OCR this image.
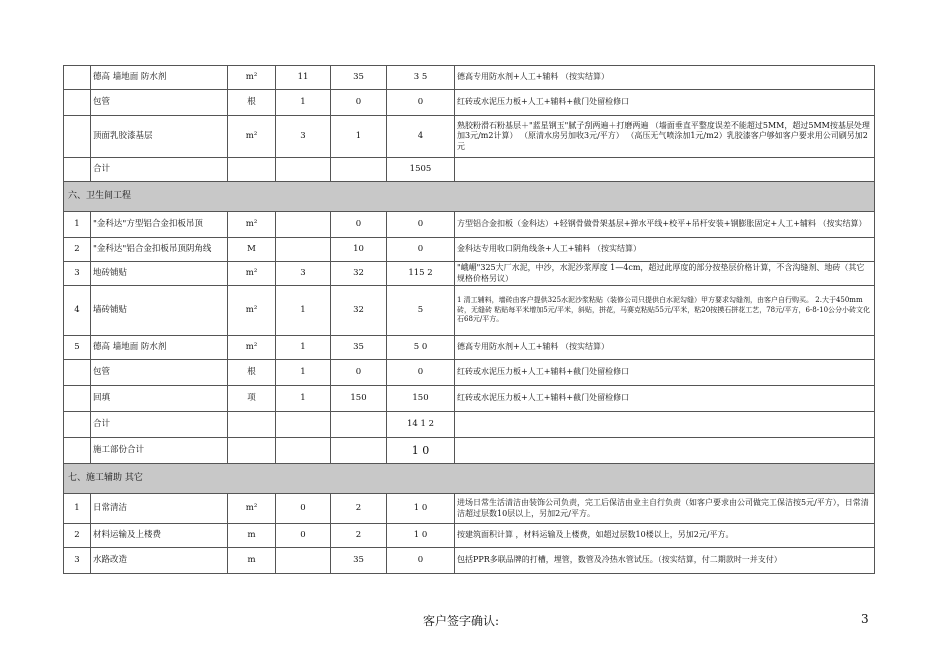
	德高 墙地面 防水剂	m²	11	35	3 5	德高专用防水剂+人工+辅料 （按实结算）
	包管	根	1	0	0	红砖或水泥压力板+人工+辅料+截门处留检修口
	顶面乳胶漆基层	m²	3	1	4	熟胶粉滑石粉基层＋"蓝星钢玉"腻子刮两遍＋打磨两遍 （墙面垂直平整度误差不能超过5MM，超过5MM按基层处理加3元/m2计算） （原清水房另加收3元/平方） （高压无气喷涂加1元/m2）乳胶漆客户够如客户要求用公司刷另加2元
	合计				1505	
六、卫生间工程						
1	"金科达"方型铝合金扣板吊顶	m²		0	0	方型铝合金扣板（金科达）+轻钢骨做骨架基层+弹水平线+校平+吊杆安装+钢膨胀固定+人工+辅料 （按实结算）
2	"金科达"铝合金扣板吊顶阴角线	M		10	0	金科达专用收口阴角线条+人工+辅料 （按实结算）
3	地砖铺贴	m²	3	32	115 2	"峨嵋"325大厂水泥，中沙，水泥沙浆厚度 1—4cm，超过此厚度的部分按垫层价格计算，不含沟缝剂、地砖（其它规格价格另议）
4	墙砖铺贴	m²	1	32	5	1 清工辅料，墙砖由客户提供325水泥沙浆粘贴（装修公司只提供白水泥勾缝）甲方要求勾缝剂，由客户自行购买。 2.大于450mm砖，无缝砖 粘贴每平米增加5元/平米，斜贴，拼花，马赛克粘贴55元/平米，粘20按摸石拼花工艺，78元/平方，6-8-10公分小砖文化石68元/平方。
5	德高 墙地面 防水剂	m²	1	35	5 0	德高专用防水剂+人工+辅料 （按实结算）
	包管	根	1	0	0	红砖或水泥压力板+人工+辅料+截门处留检修口
	回填	项	1	150	150	红砖或水泥压力板+人工+辅料+截门处留检修口
	合计				14 1 2	
	施工部份合计				1 0	
七、施工辅助 其它						
1	日常清洁	m²	0	2	1 0	进场日常生活清洁由装饰公司负责，完工后保洁由业主自行负责（如客户要求由公司做完工保洁按5元/平方），日常清洁超过层数10层以上，另加2元/平方。
2	材料运输及上楼费	m	0	2	1 0	按建筑面积计算 ，材料运输及上楼费，如超过层数10楼以上，另加2元/平方。
3	水路改造	m		35	0	包括PPR多联品牌的打槽，埋管，数管及冷热水管试压。（按实结算，付二期款时一并支付）
客户签字确认:	3
